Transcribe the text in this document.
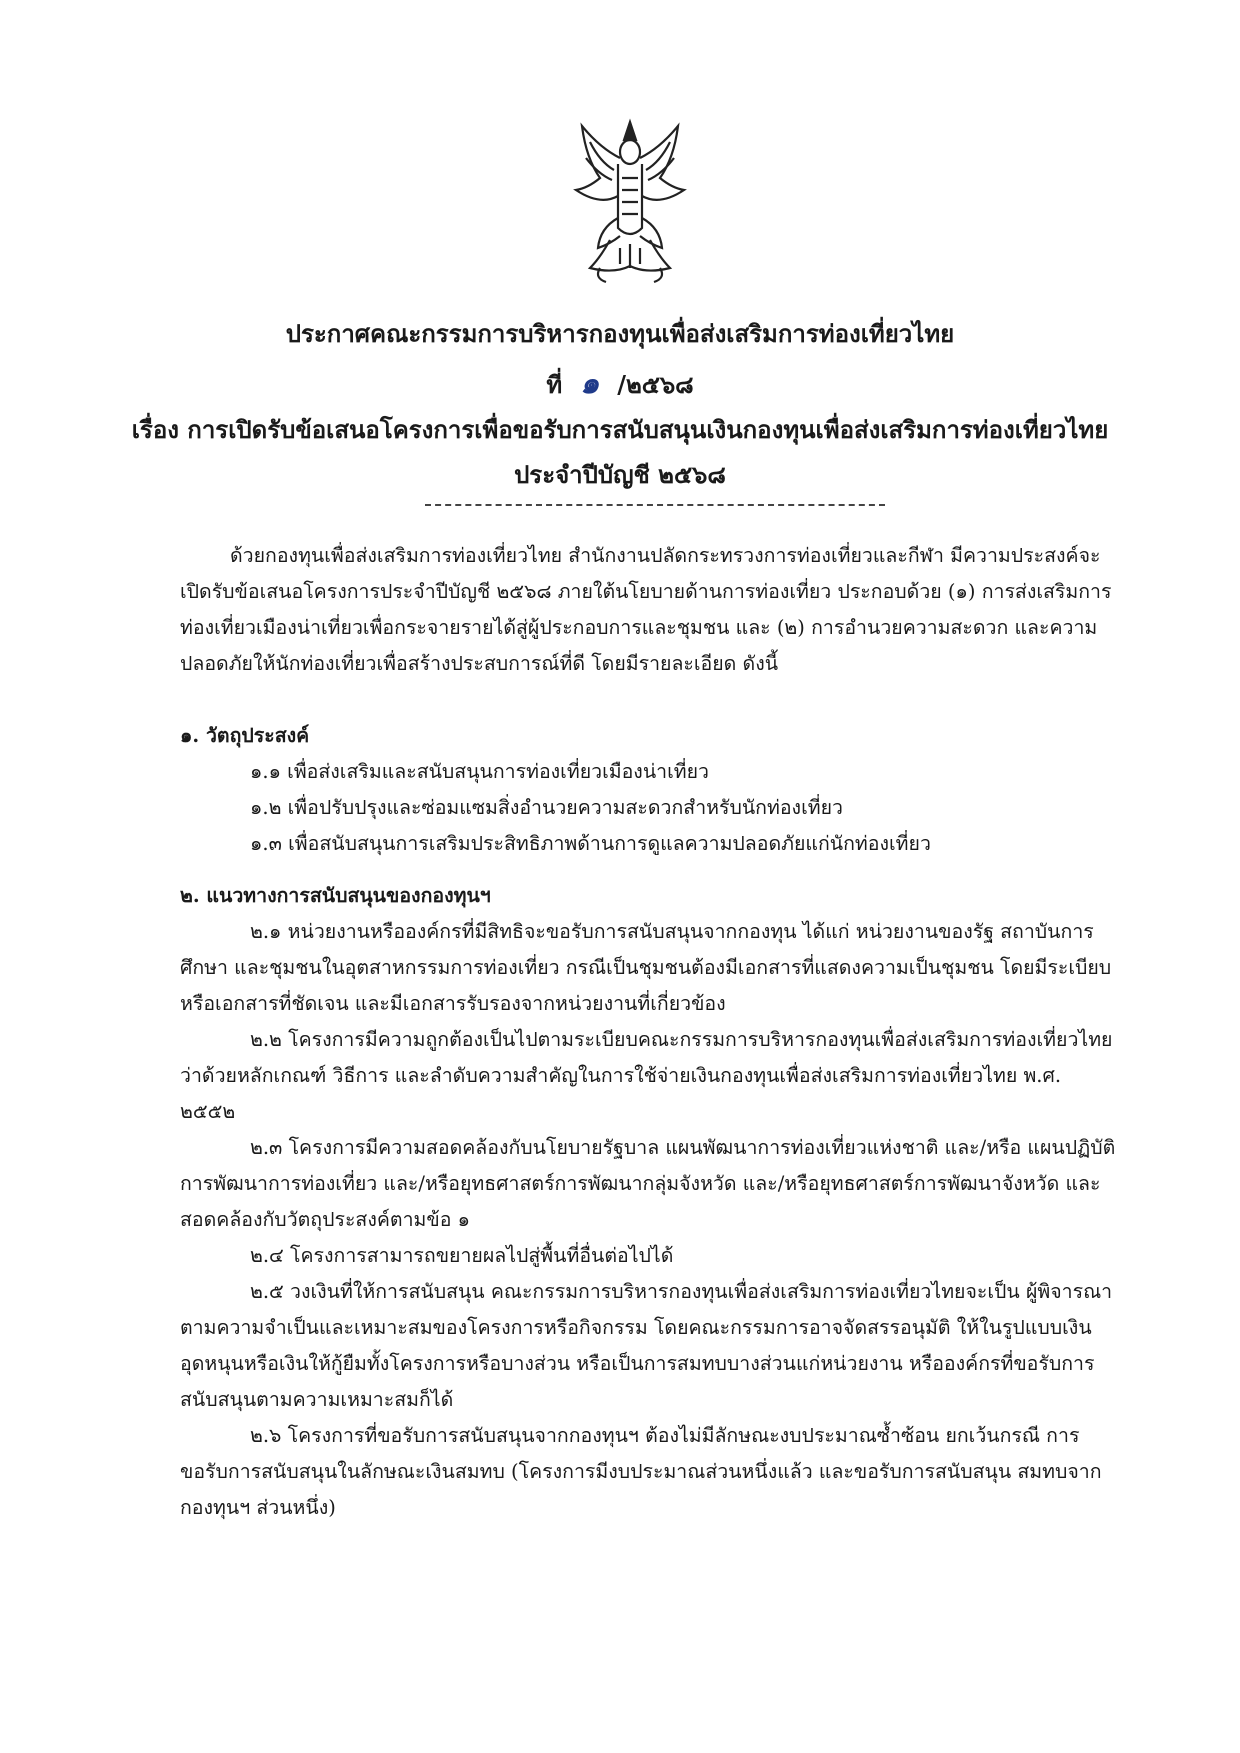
ประกาศคณะกรรมการบริหารกองทุนเพื่อส่งเสริมการท่องเที่ยวไทย
ที่ ๑ /๒๕๖๘
เรื่อง การเปิดรับข้อเสนอโครงการเพื่อขอรับการสนับสนุนเงินกองทุนเพื่อส่งเสริมการท่องเที่ยวไทย
ประจำปีบัญชี ๒๕๖๘

ด้วยกองทุนเพื่อส่งเสริมการท่องเที่ยวไทย สำนักงานปลัดกระทรวงการท่องเที่ยวและกีฬา มีความประสงค์จะเปิดรับข้อเสนอโครงการประจำปีบัญชี ๒๕๖๘ ภายใต้นโยบายด้านการท่องเที่ยว ประกอบด้วย (๑) การส่งเสริมการท่องเที่ยวเมืองน่าเที่ยวเพื่อกระจายรายได้สู่ผู้ประกอบการและชุมชน และ (๒) การอำนวยความสะดวก และความปลอดภัยให้นักท่องเที่ยวเพื่อสร้างประสบการณ์ที่ดี โดยมีรายละเอียด ดังนี้

๑. วัตถุประสงค์

๑.๑ เพื่อส่งเสริมและสนับสนุนการท่องเที่ยวเมืองน่าเที่ยว

๑.๒ เพื่อปรับปรุงและซ่อมแซมสิ่งอำนวยความสะดวกสำหรับนักท่องเที่ยว

๑.๓ เพื่อสนับสนุนการเสริมประสิทธิภาพด้านการดูแลความปลอดภัยแก่นักท่องเที่ยว

๒. แนวทางการสนับสนุนของกองทุนฯ

๒.๑ หน่วยงานหรือองค์กรที่มีสิทธิจะขอรับการสนับสนุนจากกองทุน ได้แก่ หน่วยงานของรัฐ สถาบันการศึกษา และชุมชนในอุตสาหกรรมการท่องเที่ยว กรณีเป็นชุมชนต้องมีเอกสารที่แสดงความเป็นชุมชน โดยมีระเบียบหรือเอกสารที่ชัดเจน และมีเอกสารรับรองจากหน่วยงานที่เกี่ยวข้อง

๒.๒ โครงการมีความถูกต้องเป็นไปตามระเบียบคณะกรรมการบริหารกองทุนเพื่อส่งเสริมการท่องเที่ยวไทย ว่าด้วยหลักเกณฑ์ วิธีการ และลำดับความสำคัญในการใช้จ่ายเงินกองทุนเพื่อส่งเสริมการท่องเที่ยวไทย พ.ศ. ๒๕๕๒

๒.๓ โครงการมีความสอดคล้องกับนโยบายรัฐบาล แผนพัฒนาการท่องเที่ยวแห่งชาติ และ/หรือ แผนปฏิบัติการพัฒนาการท่องเที่ยว และ/หรือยุทธศาสตร์การพัฒนากลุ่มจังหวัด และ/หรือยุทธศาสตร์การพัฒนาจังหวัด และสอดคล้องกับวัตถุประสงค์ตามข้อ ๑

๒.๔ โครงการสามารถขยายผลไปสู่พื้นที่อื่นต่อไปได้

๒.๕ วงเงินที่ให้การสนับสนุน คณะกรรมการบริหารกองทุนเพื่อส่งเสริมการท่องเที่ยวไทยจะเป็น ผู้พิจารณาตามความจำเป็นและเหมาะสมของโครงการหรือกิจกรรม โดยคณะกรรมการอาจจัดสรรอนุมัติ ให้ในรูปแบบเงินอุดหนุนหรือเงินให้กู้ยืมทั้งโครงการหรือบางส่วน หรือเป็นการสมทบบางส่วนแก่หน่วยงาน หรือองค์กรที่ขอรับการสนับสนุนตามความเหมาะสมก็ได้

๒.๖ โครงการที่ขอรับการสนับสนุนจากกองทุนฯ ต้องไม่มีลักษณะงบประมาณซ้ำซ้อน ยกเว้นกรณี การขอรับการสนับสนุนในลักษณะเงินสมทบ (โครงการมีงบประมาณส่วนหนึ่งแล้ว และขอรับการสนับสนุน สมทบจากกองทุนฯ ส่วนหนึ่ง)
